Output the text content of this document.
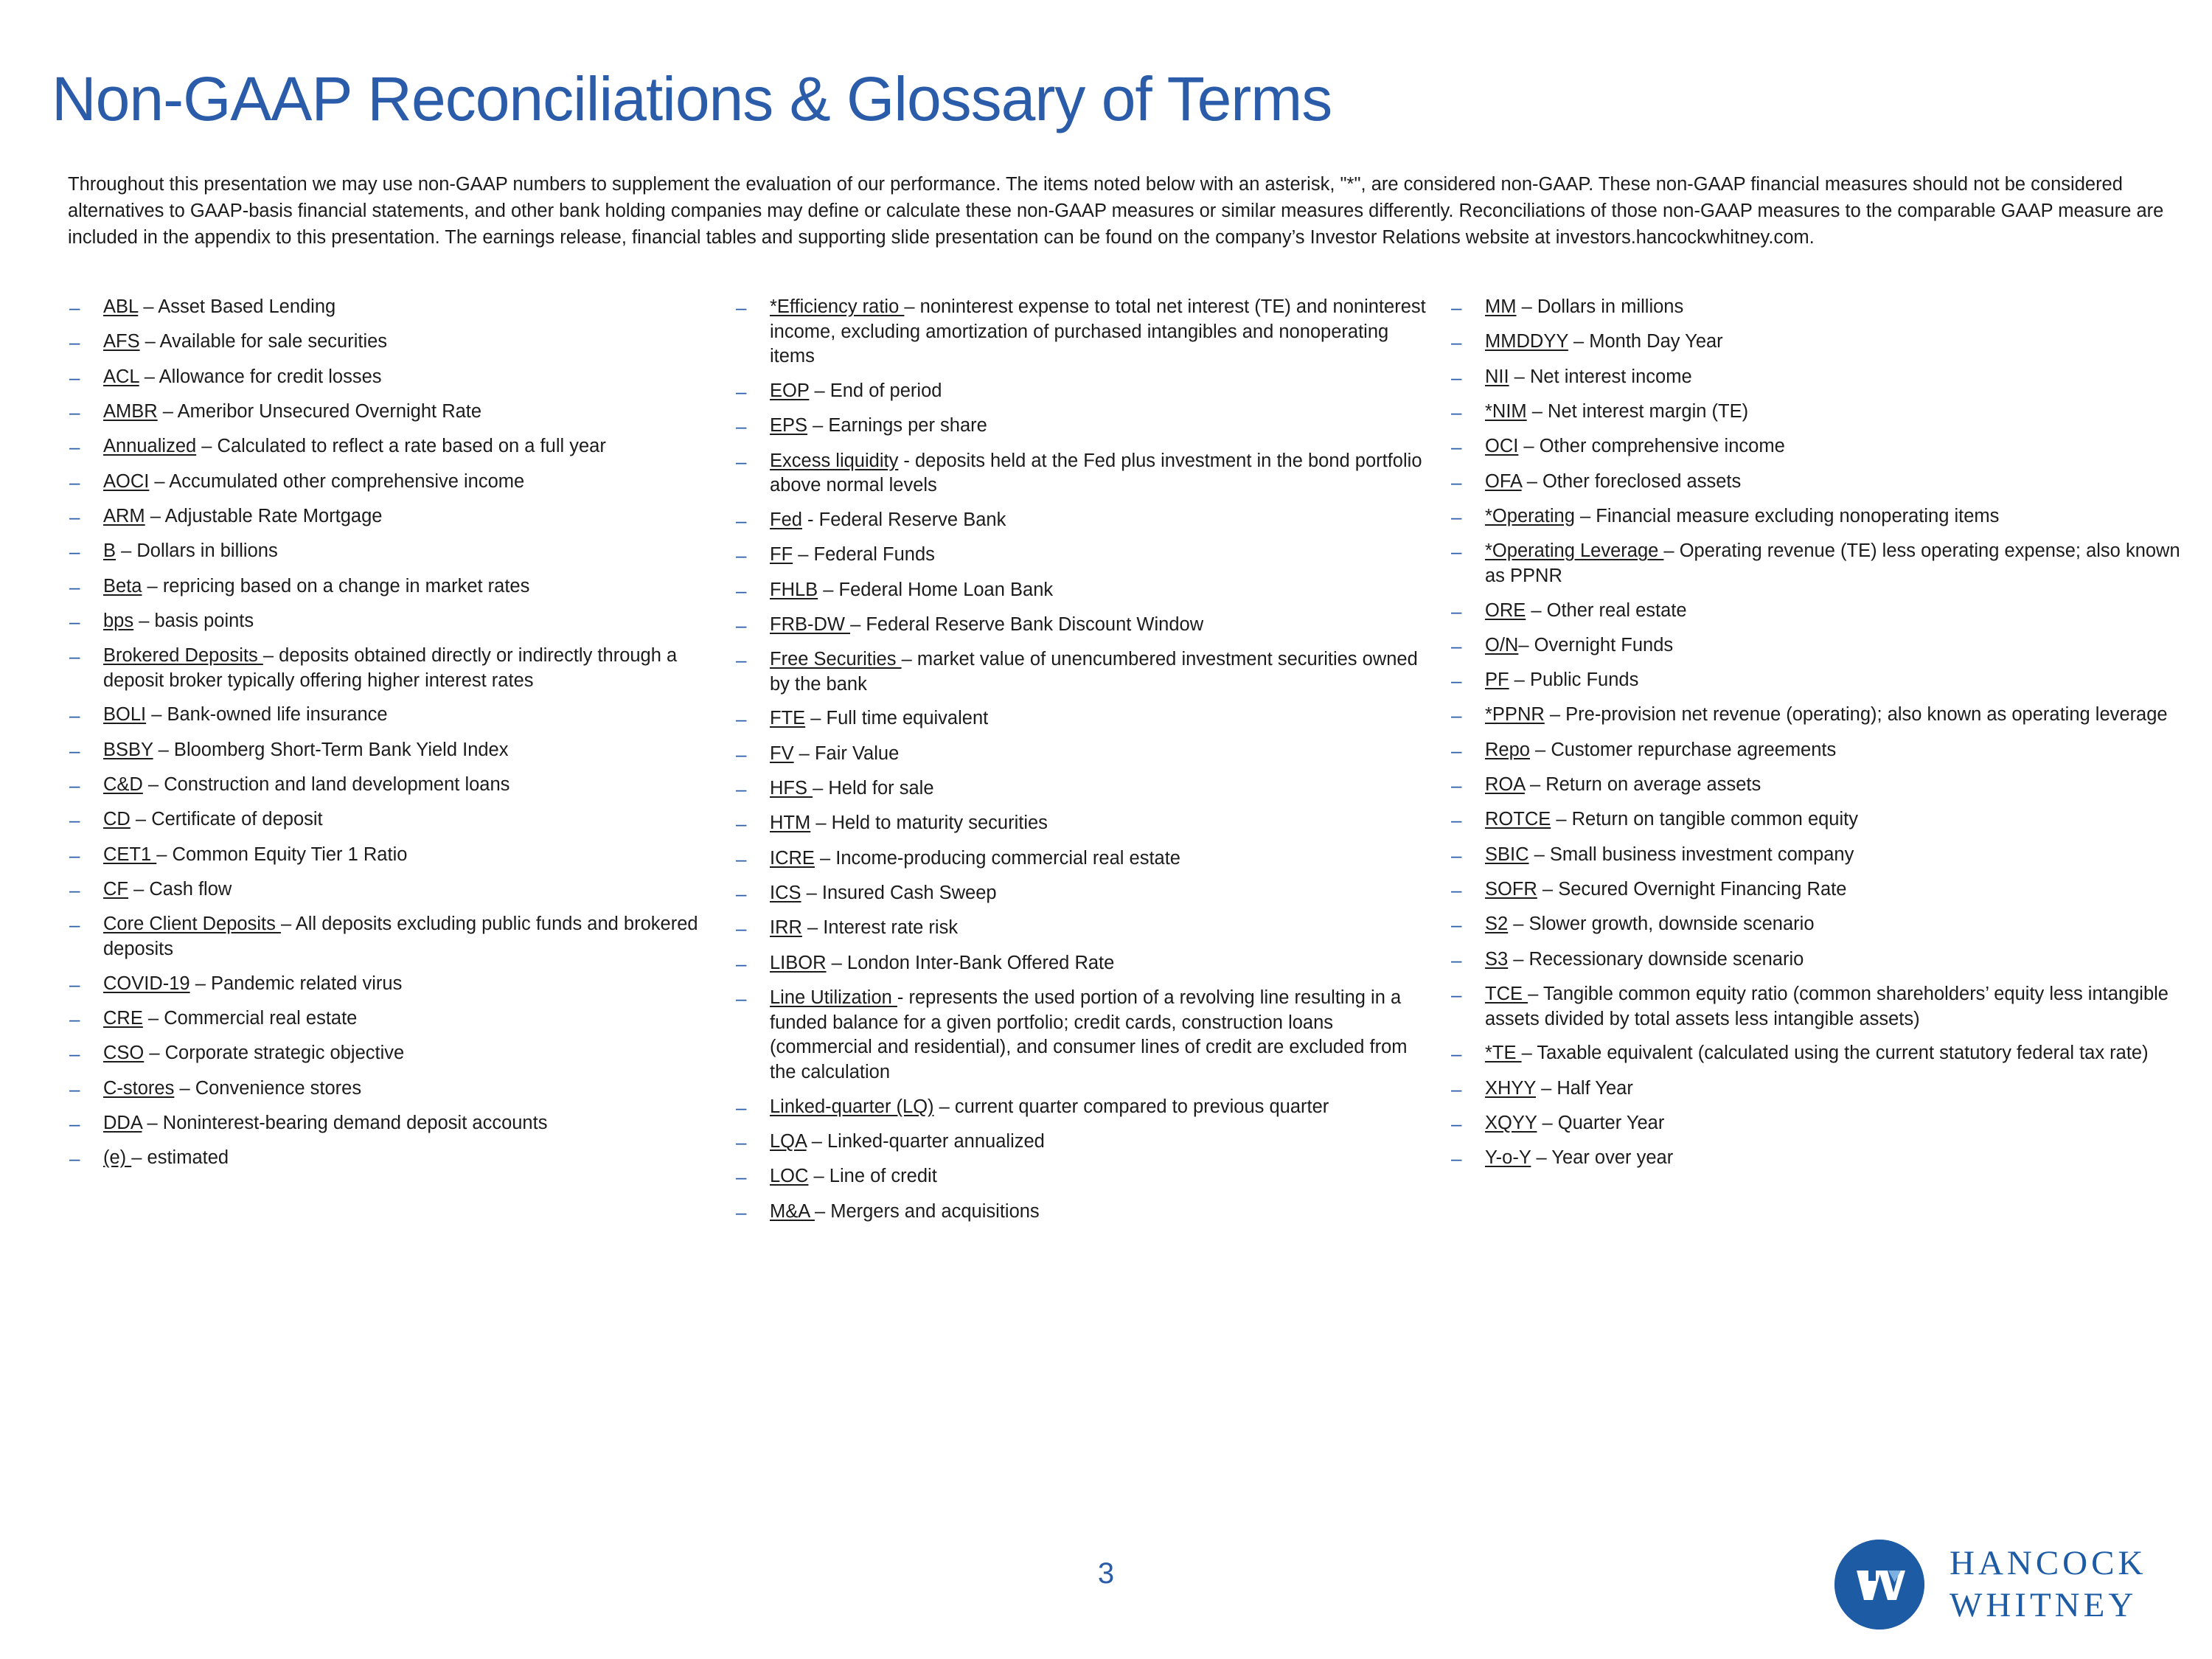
Non-GAAP Reconciliations & Glossary of Terms

Throughout this presentation we may use non-GAAP numbers to supplement the evaluation of our performance. The items noted below with an asterisk, "*", are considered non-GAAP. These non-GAAP financial measures should not be considered alternatives to GAAP-basis financial statements, and other bank holding companies may define or calculate these non-GAAP measures or similar measures differently. Reconciliations of those non-GAAP measures to the comparable GAAP measure are included in the appendix to this presentation. The earnings release, financial tables and supporting slide presentation can be found on the company’s Investor Relations website at investors.hancockwhitney.com.

–	ABL – Asset Based Lending
–	AFS – Available for sale securities
–	ACL – Allowance for credit losses
–	AMBR – Ameribor Unsecured Overnight Rate
–	Annualized – Calculated to reflect a rate based on a full year
–	AOCI – Accumulated other comprehensive income
–	ARM – Adjustable Rate Mortgage
–	B – Dollars in billions
–	Beta – repricing based on a change in market rates
–	bps – basis points
–	Brokered Deposits – deposits obtained directly or indirectly through a deposit broker typically offering higher interest rates
–	BOLI – Bank-owned life insurance
–	BSBY – Bloomberg Short-Term Bank Yield Index
–	C&D – Construction and land development loans
–	CD – Certificate of deposit
–	CET1 – Common Equity Tier 1 Ratio
–	CF – Cash flow
–	Core Client Deposits – All deposits excluding public funds and brokered deposits
–	COVID-19 – Pandemic related virus
–	CRE – Commercial real estate
–	CSO – Corporate strategic objective
–	C-stores – Convenience stores
–	DDA – Noninterest-bearing demand deposit accounts
–	(e) – estimated
–	*Efficiency ratio – noninterest expense to total net interest (TE) and noninterest income, excluding amortization of purchased intangibles and nonoperating items
–	EOP – End of period
–	EPS – Earnings per share
–	Excess liquidity - deposits held at the Fed plus investment in the bond portfolio above normal levels
–	Fed - Federal Reserve Bank
–	FF – Federal Funds
–	FHLB – Federal Home Loan Bank
–	FRB-DW – Federal Reserve Bank Discount Window
–	Free Securities – market value of unencumbered investment securities owned by the bank
–	FTE – Full time equivalent
–	FV – Fair Value
–	HFS – Held for sale
–	HTM – Held to maturity securities
–	ICRE – Income-producing commercial real estate
–	ICS – Insured Cash Sweep
–	IRR – Interest rate risk
–	LIBOR – London Inter-Bank Offered Rate
–	Line Utilization - represents the used portion of a revolving line resulting in a funded balance for a given portfolio; credit cards, construction loans (commercial and residential), and consumer lines of credit are excluded from the calculation
–	Linked-quarter (LQ) – current quarter compared to previous quarter
–	LQA – Linked-quarter annualized
–	LOC – Line of credit
–	M&A – Mergers and acquisitions
–	MM – Dollars in millions
–	MMDDYY – Month Day Year
–	NII – Net interest income
–	*NIM – Net interest margin (TE)
–	OCI – Other comprehensive income
–	OFA – Other foreclosed assets
–	*Operating – Financial measure excluding nonoperating items
–	*Operating Leverage – Operating revenue (TE) less operating expense; also known as PPNR
–	ORE – Other real estate
–	O/N– Overnight Funds
–	PF – Public Funds
–	*PPNR – Pre-provision net revenue (operating); also known as operating leverage
–	Repo – Customer repurchase agreements
–	ROA – Return on average assets
–	ROTCE – Return on tangible common equity
–	SBIC – Small business investment company
–	SOFR – Secured Overnight Financing Rate
–	S2 – Slower growth, downside scenario
–	S3 – Recessionary downside scenario
–	TCE – Tangible common equity ratio (common shareholders’ equity less intangible assets divided by total assets less intangible assets)
–	*TE – Taxable equivalent (calculated using the current statutory federal tax rate)
–	XHYY – Half Year
–	XQYY – Quarter Year
–	Y-o-Y – Year over year
3	HANCOCK
WHITNEY
